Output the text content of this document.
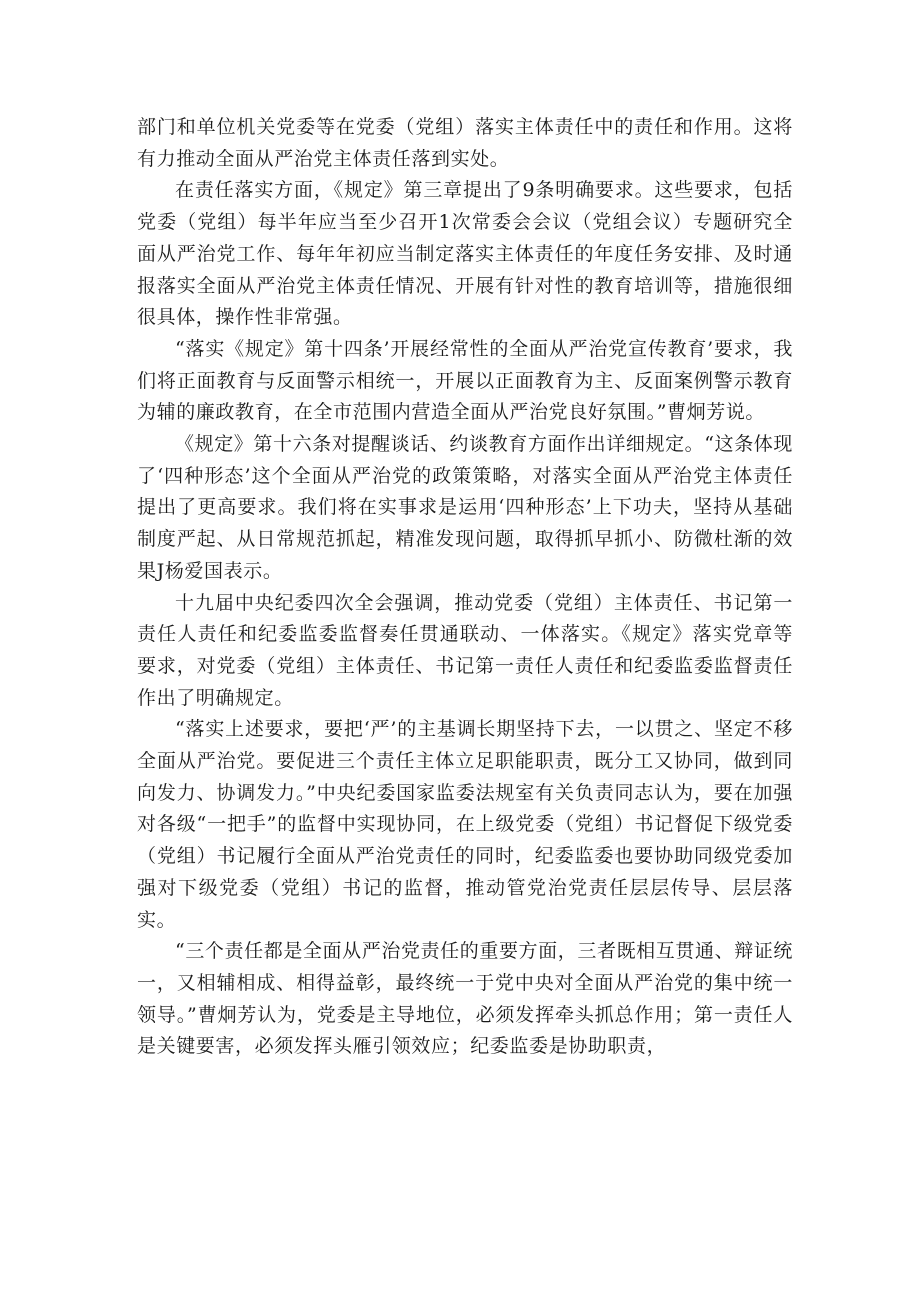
部门和单位机关党委等在党委（党组）落实主体责任中的责任和作用。这将有力推动全面从严治党主体责任落到实处。

在责任落实方面，《规定》第三章提出了9条明确要求。这些要求，包括党委（党组）每半年应当至少召开1次常委会会议（党组会议）专题研究全面从严治党工作、每年年初应当制定落实主体责任的年度任务安排、及时通报落实全面从严治党主体责任情况、开展有针对性的教育培训等，措施很细很具体，操作性非常强。

“落实《规定》第十四条’开展经常性的全面从严治党宣传教育’要求，我们将正面教育与反面警示相统一，开展以正面教育为主、反面案例警示教育为辅的廉政教育，在全市范围内营造全面从严治党良好氛围。”曹炯芳说。

《规定》第十六条对提醒谈话、约谈教育方面作出详细规定。“这条体现了‘四种形态’这个全面从严治党的政策策略，对落实全面从严治党主体责任提出了更高要求。我们将在实事求是运用‘四种形态’上下功夫，坚持从基础制度严起、从日常规范抓起，精准发现问题，取得抓早抓小、防微杜渐的效果J杨爱国表示。

十九届中央纪委四次全会强调，推动党委（党组）主体责任、书记第一责任人责任和纪委监委监督奏任贯通联动、一体落实。《规定》落实党章等要求，对党委（党组）主体责任、书记第一责任人责任和纪委监委监督责任作出了明确规定。

“落实上述要求，要把‘严’的主基调长期坚持下去，一以贯之、坚定不移全面从严治党。要促进三个责任主体立足职能职责，既分工又协同，做到同向发力、协调发力。”中央纪委国家监委法规室有关负责同志认为，要在加强对各级“一把手”的监督中实现协同，在上级党委（党组）书记督促下级党委（党组）书记履行全面从严治党责任的同时，纪委监委也要协助同级党委加强对下级党委（党组）书记的监督，推动管党治党责任层层传导、层层落实。

“三个责任都是全面从严治党责任的重要方面，三者既相互贯通、辩证统一，又相辅相成、相得益彰，最终统一于党中央对全面从严治党的集中统一领导。”曹炯芳认为，党委是主导地位，必须发挥牵头抓总作用；第一责任人是关键要害，必须发挥头雁引领效应；纪委监委是协助职责，
